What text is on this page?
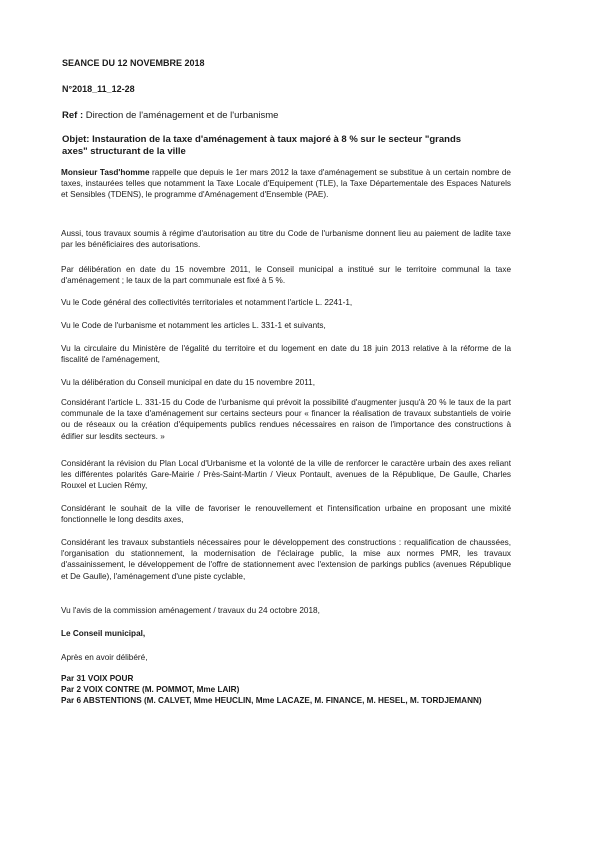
SEANCE DU 12 NOVEMBRE 2018

N°2018_11_12-28

Ref : Direction de l'aménagement et de l'urbanisme

Objet: Instauration de la taxe d'aménagement à taux majoré à 8 % sur le secteur "grands axes" structurant de la ville

Monsieur Tasd'homme rappelle que depuis le 1er mars 2012 la taxe d'aménagement se substitue à un certain nombre de taxes, instaurées telles que notamment la Taxe Locale d'Equipement (TLE), la Taxe Départementale des Espaces Naturels et Sensibles (TDENS), le programme d'Aménagement d'Ensemble (PAE).

Aussi, tous travaux soumis à régime d'autorisation au titre du Code de l'urbanisme donnent lieu au paiement de ladite taxe par les bénéficiaires des autorisations.

Par délibération en date du 15 novembre 2011, le Conseil municipal a institué sur le territoire communal la taxe d'aménagement ; le taux de la part communale est fixé à 5 %.

Vu le Code général des collectivités territoriales et notamment l'article L. 2241-1,

Vu le Code de l'urbanisme et notamment les articles L. 331-1 et suivants,

Vu la circulaire du Ministère de l'égalité du territoire et du logement en date du 18 juin 2013 relative à la réforme de la fiscalité de l'aménagement,

Vu la délibération du Conseil municipal en date du 15 novembre 2011,

Considérant l'article L. 331-15 du Code de l'urbanisme qui prévoit la possibilité d'augmenter jusqu'à 20 % le taux de la part communale de la taxe d'aménagement sur certains secteurs pour « financer la réalisation de travaux substantiels de voirie ou de réseaux ou la création d'équipements publics rendues nécessaires en raison de l'importance des constructions à édifier sur lesdits secteurs. »

Considérant la révision du Plan Local d'Urbanisme et la volonté de la ville de renforcer le caractère urbain des axes reliant les différentes polarités Gare-Mairie / Près-Saint-Martin / Vieux Pontault, avenues de la République, De Gaulle, Charles Rouxel et Lucien Rémy,

Considérant le souhait de la ville de favoriser le renouvellement et l'intensification urbaine en proposant une mixité fonctionnelle le long desdits axes,

Considérant les travaux substantiels nécessaires pour le développement des constructions : requalification de chaussées, l'organisation du stationnement, la modernisation de l'éclairage public, la mise aux normes PMR, les travaux d'assainissement, le développement de l'offre de stationnement avec l'extension de parkings publics (avenues République et De Gaulle), l'aménagement d'une piste cyclable,

Vu l'avis de la commission aménagement / travaux du 24 octobre 2018,

Le Conseil municipal,

Après en avoir délibéré,

Par 31 VOIX POUR
Par 2 VOIX CONTRE (M. POMMOT, Mme LAIR)
Par 6 ABSTENTIONS (M. CALVET, Mme HEUCLIN, Mme LACAZE, M. FINANCE, M. HESEL, M. TORDJEMANN)
